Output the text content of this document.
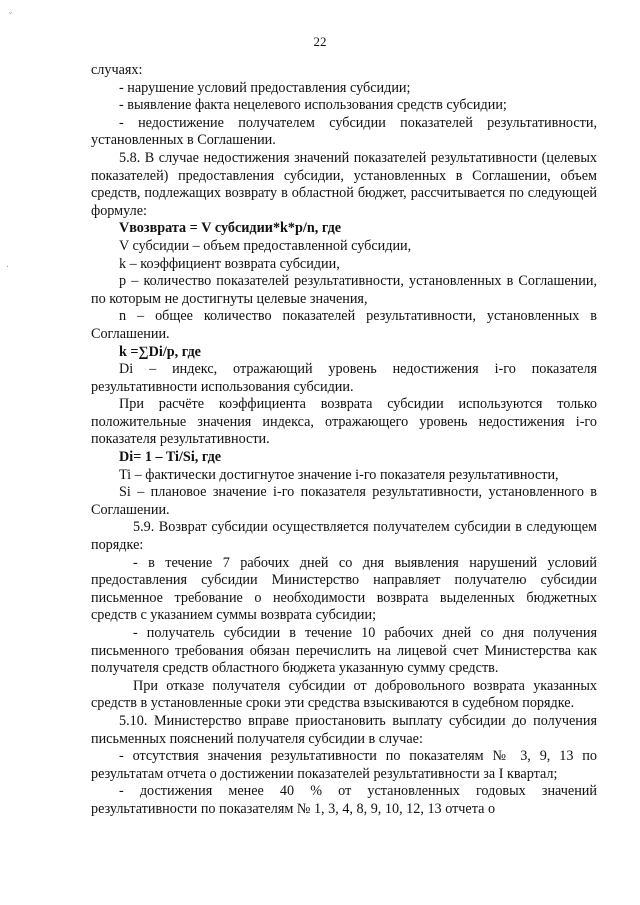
ˇ
·
22

случаях:

- нарушение условий предоставления субсидии;

- выявление факта нецелевого использования средств субсидии;

- недостижение получателем субсидии показателей результативности, установленных в Соглашении.

5.8. В случае недостижения значений показателей результативности (целевых показателей) предоставления субсидии, установленных в Соглашении, объем средств, подлежащих возврату в областной бюджет, рассчитывается по следующей формуле:

Vвозврата = V субсидии*k*p/n, где

V субсидии – объем предоставленной субсидии,

k – коэффициент возврата субсидии,

p – количество показателей результативности, установленных в Соглашении, по которым не достигнуты целевые значения,

n – общее количество показателей результативности, установленных в Соглашении.

k =∑Di/p, где

Di – индекс, отражающий уровень недостижения i-го показателя результативности использования субсидии.

При расчёте коэффициента возврата субсидии используются только положительные значения индекса, отражающего уровень недостижения i-го показателя результативности.

Di= 1 – Ti/Si, где

Ti – фактически достигнутое значение i-го показателя результативности,

Si – плановое значение i-го показателя результативности, установленного в Соглашении.

5.9. Возврат субсидии осуществляется получателем субсидии в следующем порядке:

- в течение 7 рабочих дней со дня выявления нарушений условий предоставления субсидии Министерство направляет получателю субсидии письменное требование о необходимости возврата выделенных бюджетных средств с указанием суммы возврата субсидии;

- получатель субсидии в течение 10 рабочих дней со дня получения письменного требования обязан перечислить на лицевой счет Министерства как получателя средств областного бюджета указанную сумму средств.

При отказе получателя субсидии от добровольного возврата указанных средств в установленные сроки эти средства взыскиваются в судебном порядке.

5.10. Министерство вправе приостановить выплату субсидии до получения письменных пояснений получателя субсидии в случае:

- отсутствия значения результативности по показателям № 3, 9, 13 по результатам отчета о достижении показателей результативности за I квартал;

- достижения менее 40 % от установленных годовых значений результативности по показателям № 1, 3, 4, 8, 9, 10, 12, 13 отчета о
